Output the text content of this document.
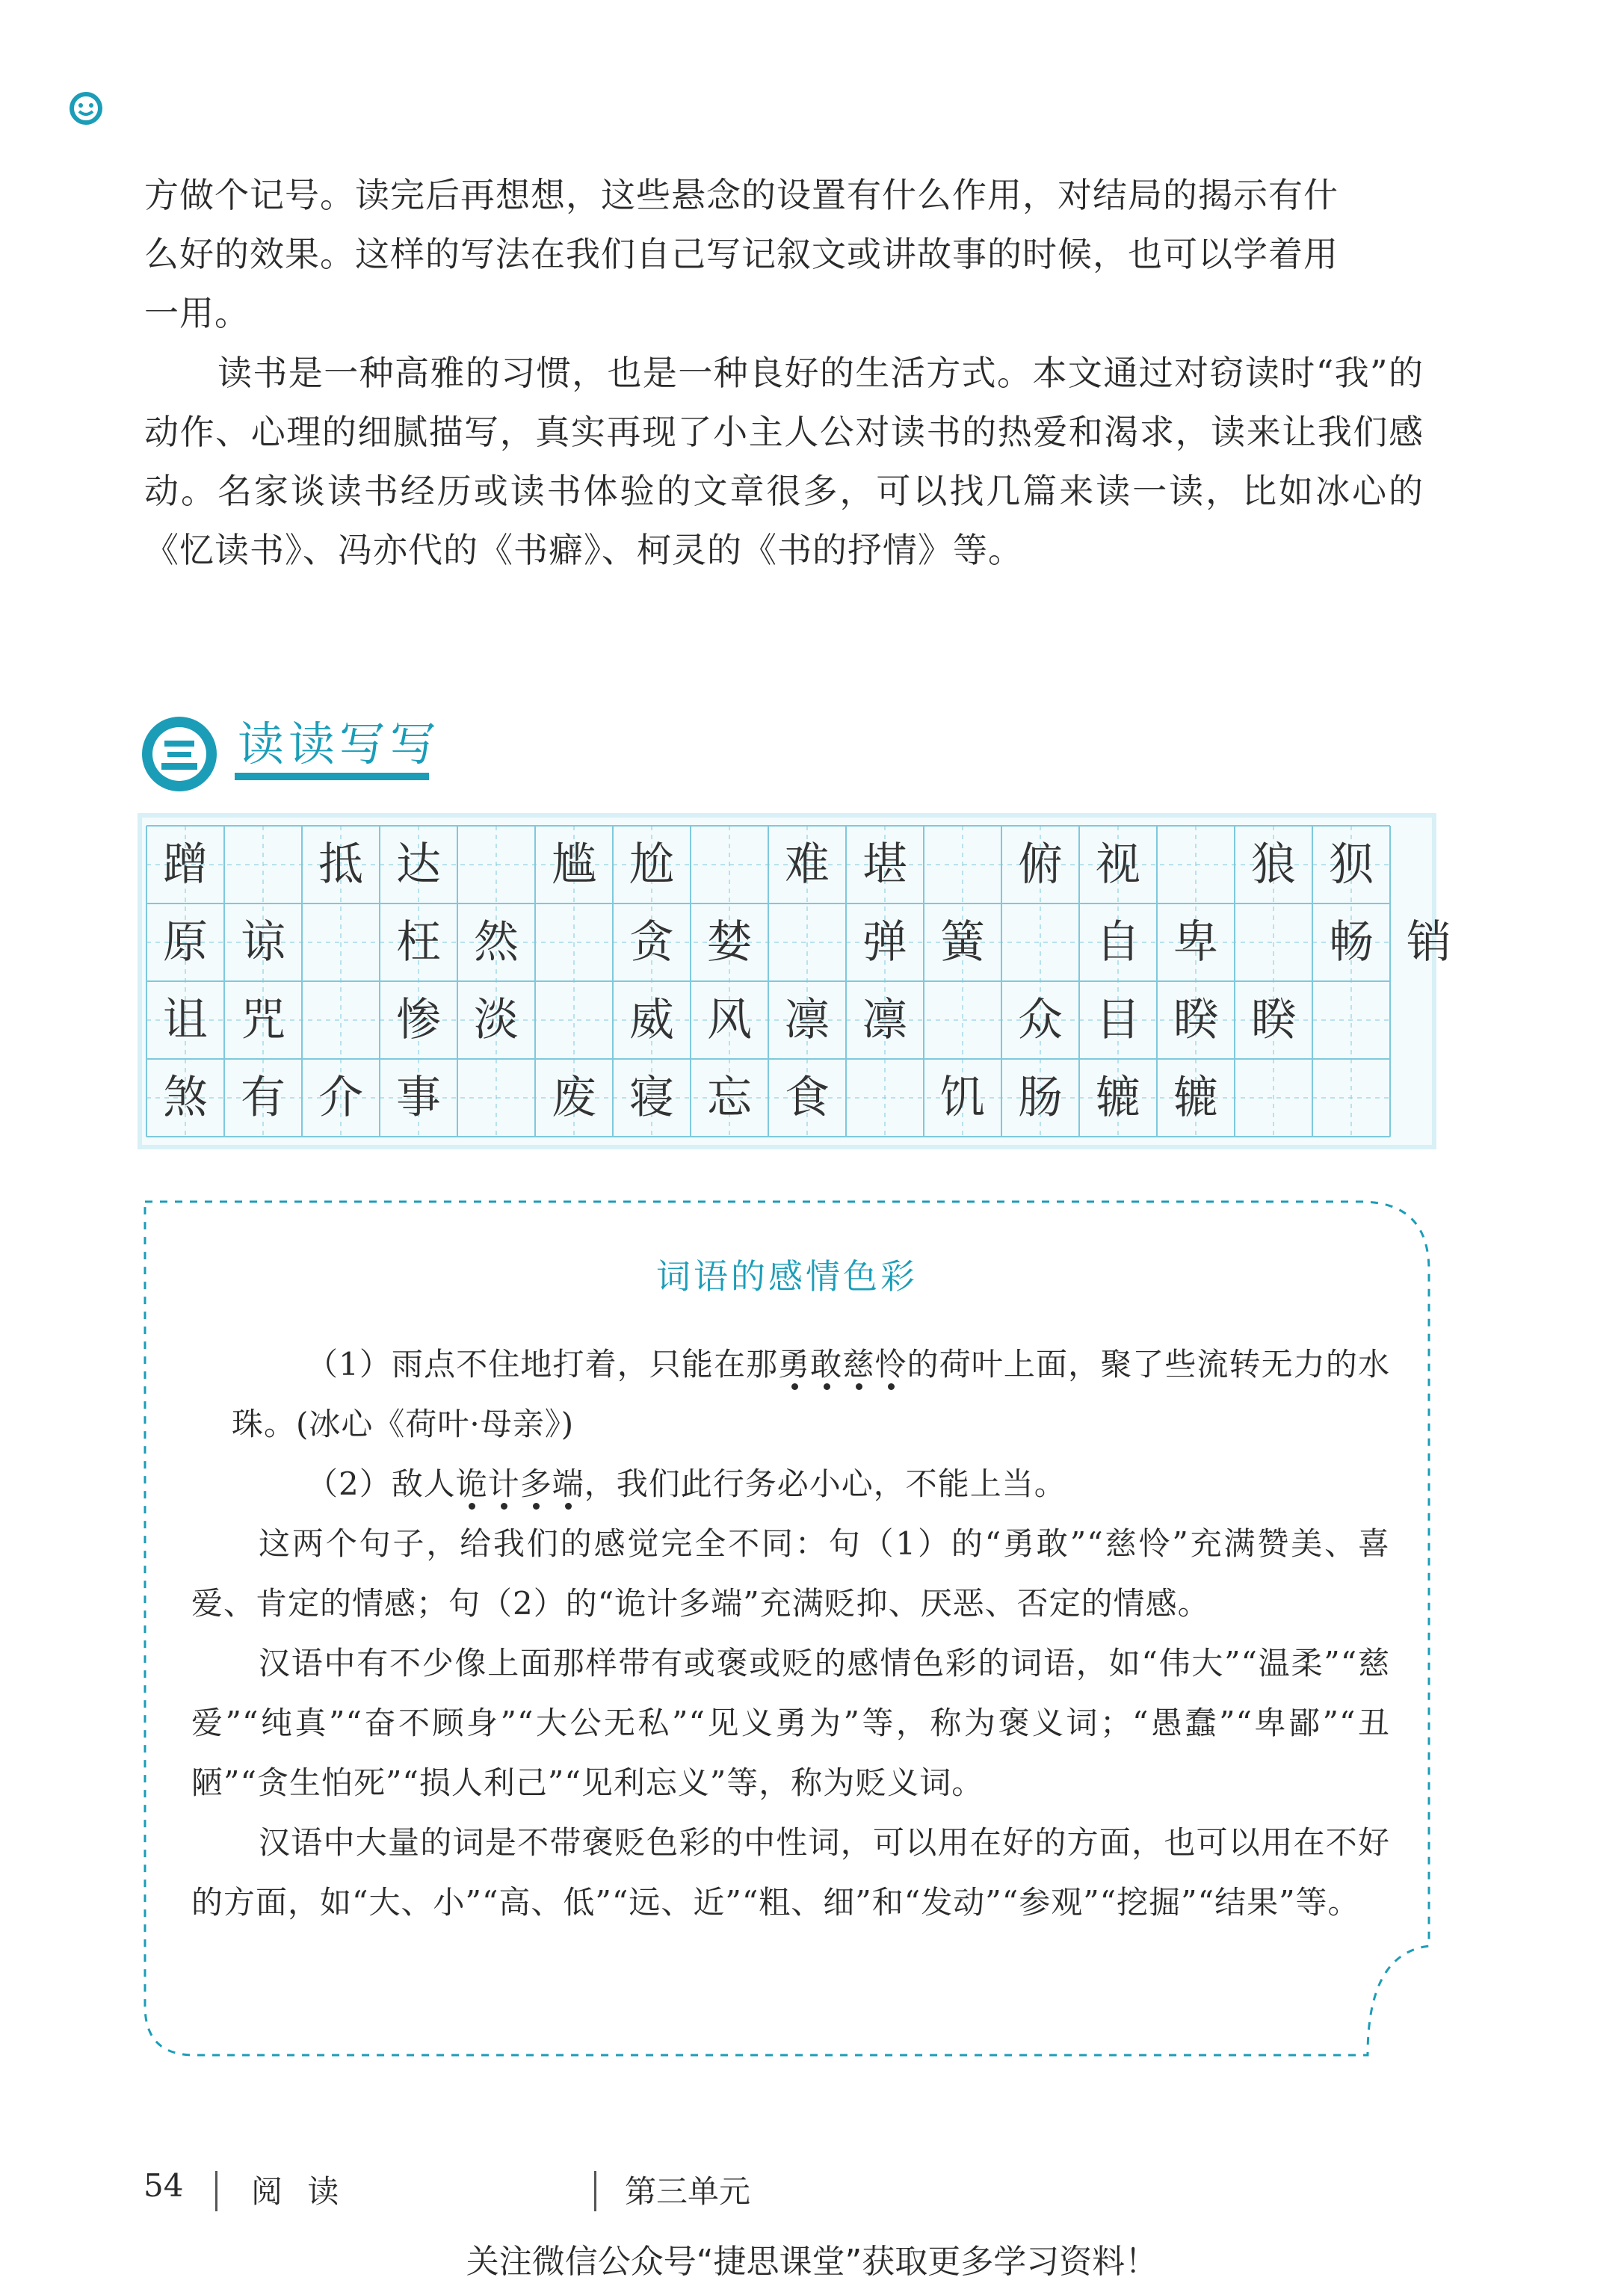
方做个记号。读完后再想想，这些悬念的设置有什么作用，对结局的揭示有什

么好的效果。这样的写法在我们自己写记叙文或讲故事的时候，也可以学着用

一用。

读书是一种高雅的习惯，也是一种良好的生活方式。本文通过对窃读时“我”的动作、心理的细腻描写，真实再现了小主人公对读书的热爱和渴求，读来让我们感动。名家谈读书经历或读书体验的文章很多，可以找几篇来读一读，比如冰心的《忆读书》、冯亦代的《书癖》、柯灵的《书的抒情》等。

读读写写
蹭	抵 达	尴 尬	难 堪	俯 视	狼 狈
原 谅	枉 然	贪 婪	弹 簧	自 卑	畅 销
诅 咒	惨 淡	威 风 凛 凛	众 目 睽 睽
煞 有 介 事	废 寝 忘 食	饥 肠 辘 辘
词语的感情色彩

（1）雨点不住地打着，只能在那勇敢慈怜的荷叶上面，聚了些流转无力的水珠。(冰心《荷叶·母亲》)

（2）敌人诡计多端，我们此行务必小心，不能上当。

这两个句子，给我们的感觉完全不同：句（1）的“勇敢”“慈怜”充满赞美、喜爱、肯定的情感；句（2）的“诡计多端”充满贬抑、厌恶、否定的情感。

汉语中有不少像上面那样带有或褒或贬的感情色彩的词语，如“伟大”“温柔”“慈爱”“纯真”“奋不顾身”“大公无私”“见义勇为”等，称为褒义词；“愚蠢”“卑鄙”“丑陋”“贪生怕死”“损人利己”“见利忘义”等，称为贬义词。

汉语中大量的词是不带褒贬色彩的中性词，可以用在好的方面，也可以用在不好的方面，如“大、小”“高、低”“远、近”“粗、细”和“发动”“参观”“挖掘”“结果”等。

54 阅 读	第三单元
关注微信公众号“捷思课堂”获取更多学习资料！
